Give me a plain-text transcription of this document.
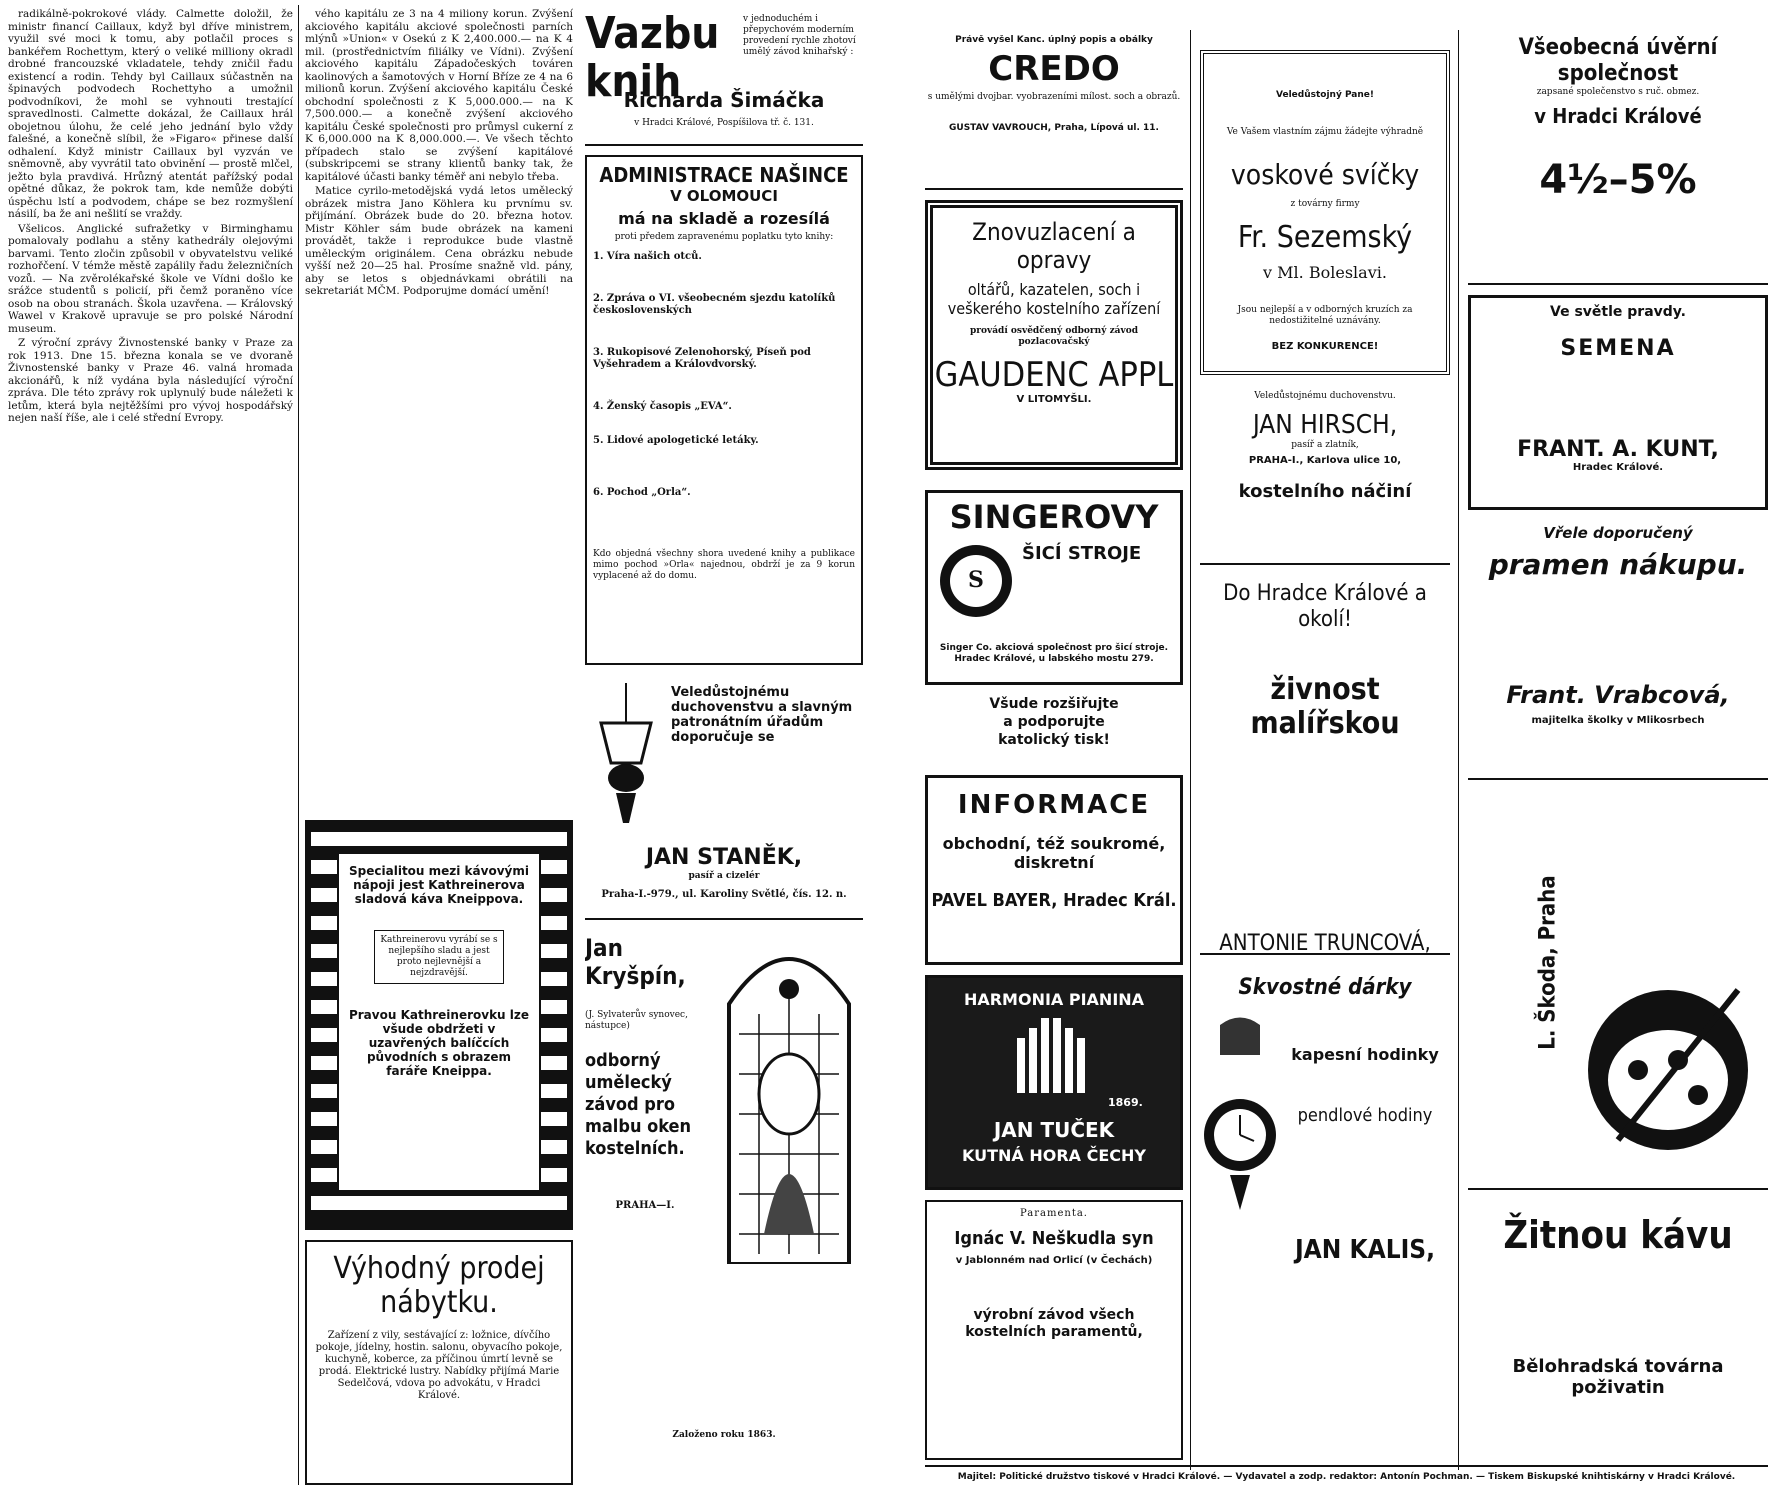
radikálně-pokrokové vlády. Calmette doložil, že ministr financí Caillaux, když byl dříve ministrem, využil své moci k tomu, aby potlačil proces s bankéřem Rochettym, který o veliké milliony okradl drobné francouzské vkladatele, tehdy zničil řadu existencí a rodin. Tehdy byl Caillaux súčastněn na špinavých podvodech Rochettyho a umožnil podvodníkovi, že mohl se vyhnouti trestající spravedlnosti. Calmette dokázal, že Caillaux hrál obojetnou úlohu, že celé jeho jednání bylo vždy falešné, a konečně slíbil, že »Figaro« přinese další odhalení. Když ministr Caillaux byl vyzván ve sněmovně, aby vyvrátil tato obvinění — prostě mlčel, ježto byla pravdivá. Hrůzný atentát pařížský podal opětné důkaz, že pokrok tam, kde nemůže dobýti úspěchu lstí a podvodem, chápe se bez rozmyšlení násilí, ba že ani nešlití se vraždy.

Všelicos. Anglické sufražetky v Birminghamu pomalovaly podlahu a stěny kathedrály olejovými barvami. Tento zločin způsobil v obyvatelstvu veliké rozhořčení. V témže městě zapálily řadu železničních vozů. — Na zvěrolékařské škole ve Vídni došlo ke srážce studentů s policií, při čemž poraněno více osob na obou stranách. Škola uzavřena. — Královský Wawel v Krakově upravuje se pro polské Národní museum.

Z výroční zprávy Živnostenské banky v Praze za rok 1913. Dne 15. března konala se ve dvoraně Živnostenské banky v Praze 46. valná hromada akcionářů, k níž vydána byla následující výroční zpráva. Dle této zprávy rok uplynulý bude náležeti k letům, která byla nejtěžšími pro vývoj hospodářský nejen naší říše, ale i celé střední Evropy.

vého kapitálu ze 3 na 4 miliony korun. Zvýšení akciového kapitálu akciové společnosti parních mlýnů »Union« v Osekú z K 2,400.000.— na K 4 mil. (prostřednictvím filiálky ve Vídni). Zvýšení akciového kapitálu Západočeských továren kaolinových a šamotových v Horní Bříze ze 4 na 6 milionů korun. Zvýšení akciového kapitálu České obchodní společnosti z K 5,000.000.— na K 7,500.000.— a konečně zvýšení akciového kapitálu České společnosti pro průmysl cukerní z K 6,000.000 na K 8,000.000.—. Ve všech těchto případech stalo se zvýšení kapitálové (subskripcemi se strany klientů banky tak, že kapitálové účasti banky téměř ani nebylo třeba.

Matice cyrilo-metodějská vydá letos umělecký obrázek mistra Jano Köhlera ku prvnímu sv. přijímání. Obrázek bude do 20. března hotov. Mistr Köhler sám bude obrázek na kameni provádět, takže i reprodukce bude vlastně uměleckým originálem. Cena obrázku nebude vyšší než 20—25 hal. Prosíme snažně vld. pány, aby se letos s objednávkami obrátili na sekretariát MČM. Podporujme domácí umění!

Specialitou mezi kávovými nápoji jest Kathreinerova sladová káva Kneippova.
Kathreinerovu vyrábí se s nejlepšího sladu a jest proto nejlevnější a nejzdravější.
Pravou Kathreinerovku lze všude obdržeti v uzavřených balíčcích původních s obrazem faráře Kneippa.
Výhodný prodej nábytku.
Zařízení z vily, sestávající z: ložnice, dívčího pokoje, jídelny, hostin. salonu, obyvacího pokoje, kuchyně, koberce, za příčinou úmrtí levně se prodá. Elektrické lustry. Nabídky přijímá Marie Sedelčová, vdova po advokátu, v Hradci Králové.
Vazbu knih
v jednoduchém i přepychovém moderním provedení rychle zhotoví umělý závod knihařský :
Richarda Šimáčka
v Hradci Králové, Pospíšilova tř. č. 131.
ADMINISTRACE NAŠINCE
V OLOMOUCI
má na skladě a rozesílá
proti předem zapravenému poplatku tyto knihy:
1. Víra našich otců.
2. Zpráva o VI. všeobecném sjezdu katolíků československých
3. Rukopisové Zelenohorský, Píseň pod Vyšehradem a Královdvorský.
4. Ženský časopis „EVA“.
5. Lidové apologetické letáky.
6. Pochod „Orla“.
Kdo objedná všechny shora uvedené knihy a publikace mimo pochod »Orla« najednou, obdrží je za 9 korun vyplacené až do domu.
Veledůstojnému duchovenstvu a slavným patronátním úřadům doporučuje se
JAN STANĚK,
pasíř a cizelér
Praha-I.-979., ul. Karoliny Světlé, čís. 12. n.
Jan Kryšpín,
(J. Sylvaterův synovec, nástupce)
odborný umělecký závod pro malbu oken kostelních.
PRAHA—I.
Založeno roku 1863.
Právě vyšel Kanc. úplný popis a obálky
CREDO
s umělými dvojbar. vyobrazeními mílost. soch a obrazů.
GUSTAV VAVROUCH, Praha, Lípová ul. 11.
Znovuzlacení a opravy
oltářů, kazatelen, soch i veškerého kostelního zařízení
provádí osvědčený odborný závod pozlacovačský
GAUDENC APPL
V LITOMYŠLI.
SINGEROVY
S
ŠICÍ STROJE
Singer Co. akciová společnost pro šicí stroje. Hradec Králové, u labského mostu 279.
Všude rozšiřujte
a podporujte
katolický tisk!
INFORMACE
obchodní, též soukromé, diskretní
PAVEL BAYER, Hradec Král.
HARMONIA PIANINA
1869.
JAN TUČEK
KUTNÁ HORA ČECHY
Paramenta.
Ignác V. Neškudla syn
v Jablonném nad Orlicí (v Čechách)
výrobní závod všech kostelních paramentů,
Veledůstojný Pane!
Ve Vašem vlastním zájmu žádejte výhradně
voskové svíčky
z továrny firmy
Fr. Sezemský
v Ml. Boleslavi.
Jsou nejlepší a v odborných kruzích za nedostižitelné uznávány.
BEZ KONKURENCE!
Veledůstojnému duchovenstvu.
JAN HIRSCH,
pasíř a zlatník,
PRAHA-I., Karlova ulice 10,
kostelního náčiní
Do Hradce Králové a okolí!
živnost malířskou
ANTONIE TRUNCOVÁ,
Skvostné dárky
kapesní hodinky
pendlové hodiny
JAN KALIS,
Všeobecná úvěrní společnost
zapsané společenstvo s ruč. obmez.
v Hradci Králové
4½–5%
Ve světle pravdy.
SEMENA
FRANT. A. KUNT,
Hradec Králové.
Vřele doporučený
pramen nákupu.
Frant. Vrabcová,
majitelka školky v Mlikosrbech
L. Škoda, Praha
Žitnou kávu
Bělohradská továrna poživatin
Majitel: Politické družstvo tiskové v Hradci Králové. — Vydavatel a zodp. redaktor: Antonín Pochman. — Tiskem Biskupské knihtiskárny v Hradci Králové.
